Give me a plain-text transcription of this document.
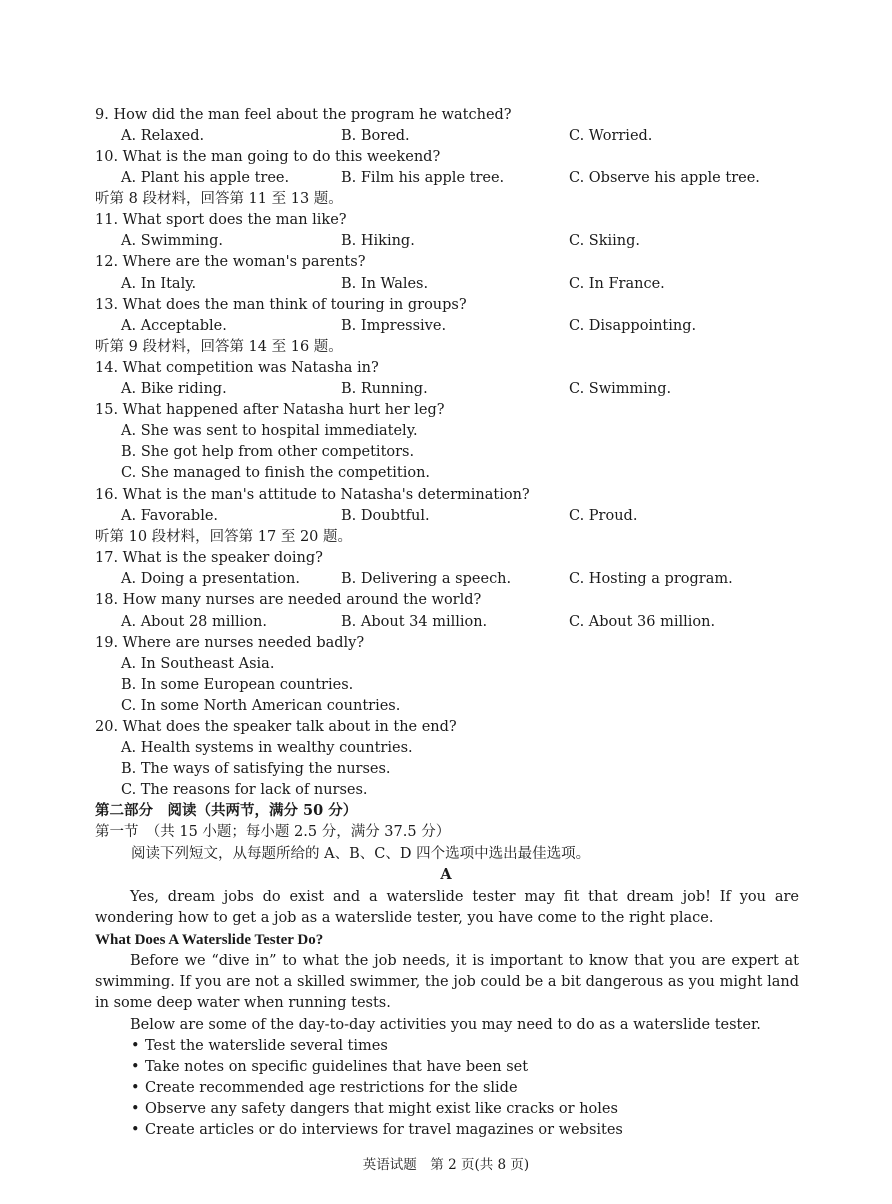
9. How did the man feel about the program he watched?
A. Relaxed.	B. Bored.	C. Worried.
10. What is the man going to do this weekend?
A. Plant his apple tree.	B. Film his apple tree.	C. Observe his apple tree.
听第 8 段材料，回答第 11 至 13 题。
11. What sport does the man like?
A. Swimming.	B. Hiking.	C. Skiing.
12. Where are the woman's parents?
A. In Italy.	B. In Wales.	C. In France.
13. What does the man think of touring in groups?
A. Acceptable.	B. Impressive.	C. Disappointing.
听第 9 段材料，回答第 14 至 16 题。
14. What competition was Natasha in?
A. Bike riding.	B. Running.	C. Swimming.
15. What happened after Natasha hurt her leg?
A. She was sent to hospital immediately.
B. She got help from other competitors.
C. She managed to finish the competition.
16. What is the man's attitude to Natasha's determination?
A. Favorable.	B. Doubtful.	C. Proud.
听第 10 段材料，回答第 17 至 20 题。
17. What is the speaker doing?
A. Doing a presentation.	B. Delivering a speech.	C. Hosting a program.
18. How many nurses are needed around the world?
A. About 28 million.	B. About 34 million.	C. About 36 million.
19. Where are nurses needed badly?
A. In Southeast Asia.
B. In some European countries.
C. In some North American countries.
20. What does the speaker talk about in the end?
A. Health systems in wealthy countries.
B. The ways of satisfying the nurses.
C. The reasons for lack of nurses.
第二部分　阅读（共两节，满分 50 分）
第一节　（共 15 小题；每小题 2.5 分，满分 37.5 分）
阅读下列短文，从每题所给的 A、B、C、D 四个选项中选出最佳选项。
A
Yes, dream jobs do exist and a waterslide tester may fit that dream job! If you are wondering how to get a job as a waterslide tester, you have come to the right place.
What Does A Waterslide Tester Do?
Before we “dive in” to what the job needs, it is important to know that you are expert at swimming. If you are not a skilled swimmer, the job could be a bit dangerous as you might land in some deep water when running tests.
Below are some of the day-to-day activities you may need to do as a waterslide tester.
• Test the waterslide several times
• Take notes on specific guidelines that have been set
• Create recommended age restrictions for the slide
• Observe any safety dangers that might exist like cracks or holes
• Create articles or do interviews for travel magazines or websites
英语试题　第 2 页(共 8 页)
